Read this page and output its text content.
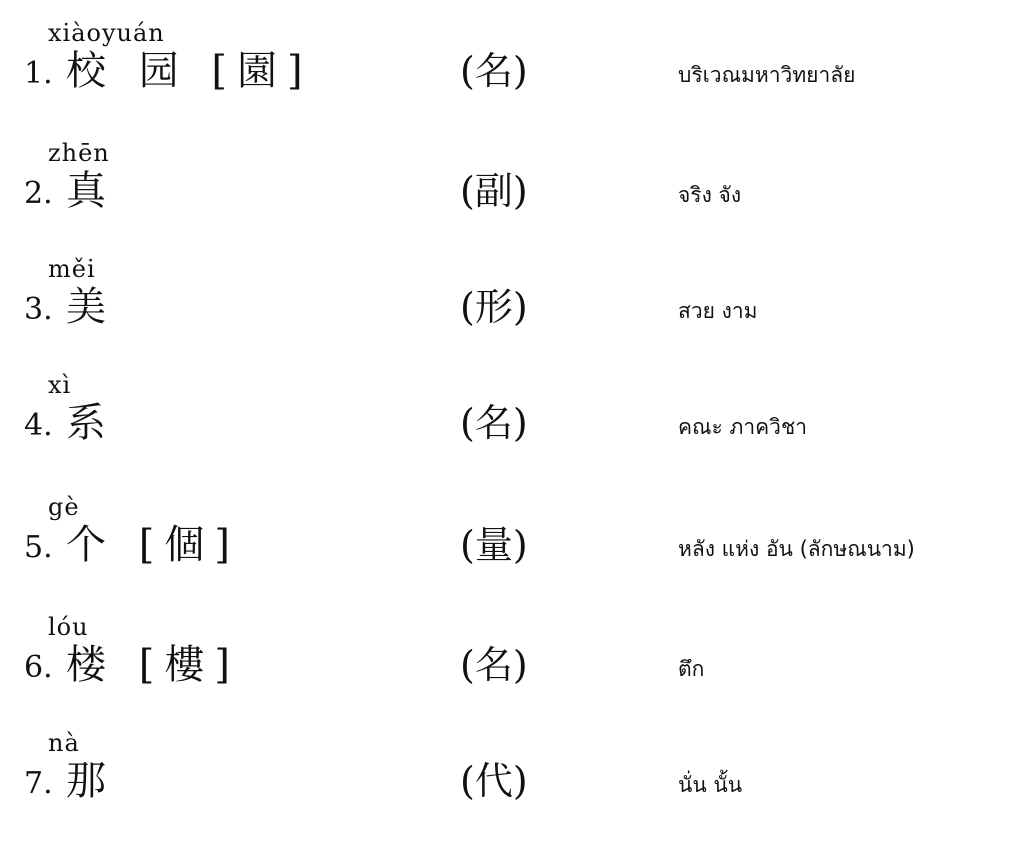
xiàoyuán
1. 校 园 [園]	(名)	บริเวณมหาวิทยาลัย
zhēn
2. 真	(副)	จริง จัง
měi
3. 美	(形)	สวย งาม
xì
4. 系	(名)	คณะ ภาควิชา
gè
5. 个 [個]	(量)	หลัง แห่ง อัน (ลักษณนาม)
lóu
6. 楼 [樓]	(名)	ตึก
nà
7. 那	(代)	นั่น นั้น
